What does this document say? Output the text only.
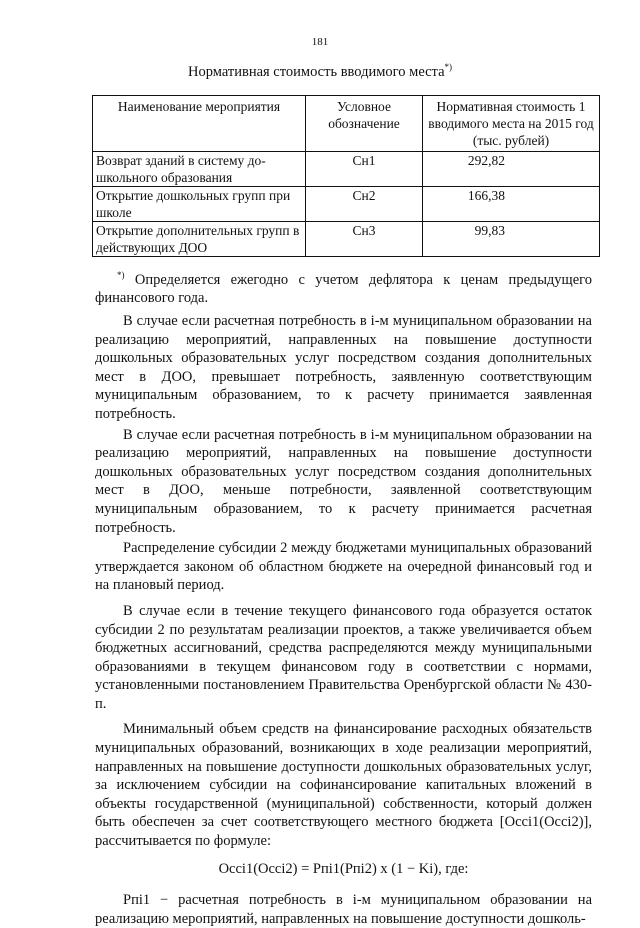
181
Нормативная стоимость вводимого места*)
Наименование мероприятия	Условное обозначение	Нормативная стоимость 1 вводимого места на 2015 год (тыс. рублей)
Возврат зданий в систему до-школьного образования	Сн1	292,82
Открытие дошкольных групп при школе	Сн2	166,38
Открытие дополнительных групп в действующих ДОО	Сн3	99,83

*) Определяется ежегодно с учетом дефлятора к ценам предыдущего финансового года.

В случае если расчетная потребность в i-м муниципальном образовании на реализацию мероприятий, направленных на повышение доступности дошкольных образовательных услуг посредством создания дополнительных мест в ДОО, превышает потребность, заявленную соответствующим муниципальным образованием, то к расчету принимается заявленная потребность.

В случае если расчетная потребность в i-м муниципальном образовании на реализацию мероприятий, направленных на повышение доступности дошкольных образовательных услуг посредством создания дополнительных мест в ДОО, меньше потребности, заявленной соответствующим муниципальным образованием, то к расчету принимается расчетная потребность.

Распределение субсидии 2 между бюджетами муниципальных образований утверждается законом об областном бюджете на очередной финансовый год и на плановый период.

В случае если в течение текущего финансового года образуется остаток субсидии 2 по результатам реализации проектов, а также увеличивается объем бюджетных ассигнований, средства распределяются между муниципальными образованиями в текущем финансовом году в соответствии с нормами, установленными постановлением Правительства Оренбургской области № 430-п.

Минимальный объем средств на финансирование расходных обязательств муниципальных образований, возникающих в ходе реализации мероприятий, направленных на повышение доступности дошкольных образовательных услуг, за исключением субсидии на софинансирование капитальных вложений в объекты государственной (муниципальной) собственности, который должен быть обеспечен за счет соответствующего местного бюджета [Occi1(Occi2)], рассчитывается по формуле:

Occi1(Occi2) = Pпi1(Pпi2) x (1 − Ki), где:

Pпi1 − расчетная потребность в i-м муниципальном образовании на реализацию мероприятий, направленных на повышение доступности дошколь-
